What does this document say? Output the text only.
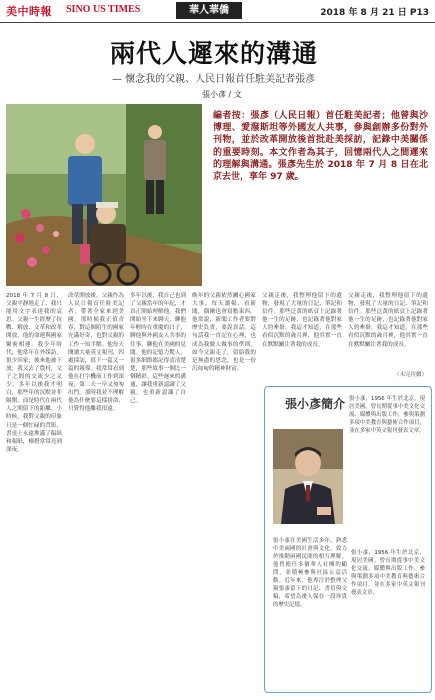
美中時報 SINO US TIMES	華人華僑	2018 年 8 月 21 日 P13
兩代人遲來的溝通
— 懷念我的父親、人民日報首任駐美記者張彥
張小彥 / 文
編者按：張彥（人民日報）首任駐美記者；他曾與沙博理、愛潑斯坦等外國友人共事，參與創辦多份對外刊物，並於改革開放後首批赴美採訪，記錄中美關係的重要時刻。本文作者為其子，回憶兩代人之間遲來的理解與溝通。張彥先生於 2018 年 7 月 8 日在北京去世，享年 97 歲。
2018 年 7 月 8 日，父親平靜地走了，我只能用文字表達我的哀思。父親一生經歷了抗戰、解放、文革和改革開放，他的命運與國家緊密相連。我少年時代，他常年在外採訪，很少回家；後來他被下放，我又去了農村，父子之間的交流少之又少。多年以後我才明白，那些年的沉默並非隔閡，而是時代在兩代人之間留下的距離。小時候，我對父親的印象只是一個忙碌的背影，書桌上永遠堆滿了稿紙和報紙，檯燈常常亮到深夜。
改革開放後，父親作為人民日報首任駐美記者，帶著全家來到美國。那時候我正值青春，對這個陌生的國家充滿好奇，也對父親的工作一知半解。他每天閱讀大量英文報刊，四處採訪，寫下一篇又一篇的報導。我常常看到他在打字機前工作到深夜，第二天一早又匆匆出門。那時我並不理解他為什麼要這樣拼命，只覺得他離我很遠。
多年以後，我自己也到了父親當年的年紀，才真正開始理解他。我們開始坐下來聊天，聊他年輕時在重慶的日子，聊他與外國友人共事的往事，聊他在美國的見聞。他的記憶力驚人，很多細節都記得清清楚楚，那些故事一個比一個精彩。這些遲來的溝通，讓我重新認識了父親，也重新認識了自己。
晚年的父親依然關心國家大事，每天讀報、看新聞，偶爾也會寫點東西。他常說，新聞工作者要對歷史負責，要說真話。這句話我一直記在心裡，也成為我做人做事的準則。如今父親走了，留給我的是無盡的思念，也是一份沉甸甸的精神財富。
父親走後，我整理他留下的遺物，發現了大量的日記、筆記和信件。那些泛黃的紙頁上記錄著他一生的足跡，也記錄著他對家人的牽掛。我這才知道，在那些看似沉默的歲月裡，他其實一直在默默關注著我的成長。
父親走後，我整理他留下的遺物，發現了大量的日記、筆記和信件。那些泛黃的紙頁上記錄著他一生的足跡，也記錄著他對家人的牽掛。我這才知道，在那些看似沉默的歲月裡，他其實一直在默默關注著我的成長。
（未完待續）
張小彥簡介 張小彥，1956 年生於北京，現居美國。曾長期從事中美文化交流、媒體與出版工作，參與策劃多項中美教育與藝術合作項目，並在多家中英文報刊發表文章。
張小彥在美國生活多年，熟悉中美兩國的社會與文化，致力於推動兩國民間的相互理解。他曾擔任多個華人社團的顧問，並積極參與社區公益活動。近年來，他專注於整理父親張彥留下的日記、書信與文稿，希望為後人保存一段珍貴的歷史記憶。
張小彥，1956 年生於北京，現居美國。曾長期從事中美文化交流、媒體與出版工作，參與策劃多項中美教育與藝術合作項目，並在多家中英文報刊發表文章。
